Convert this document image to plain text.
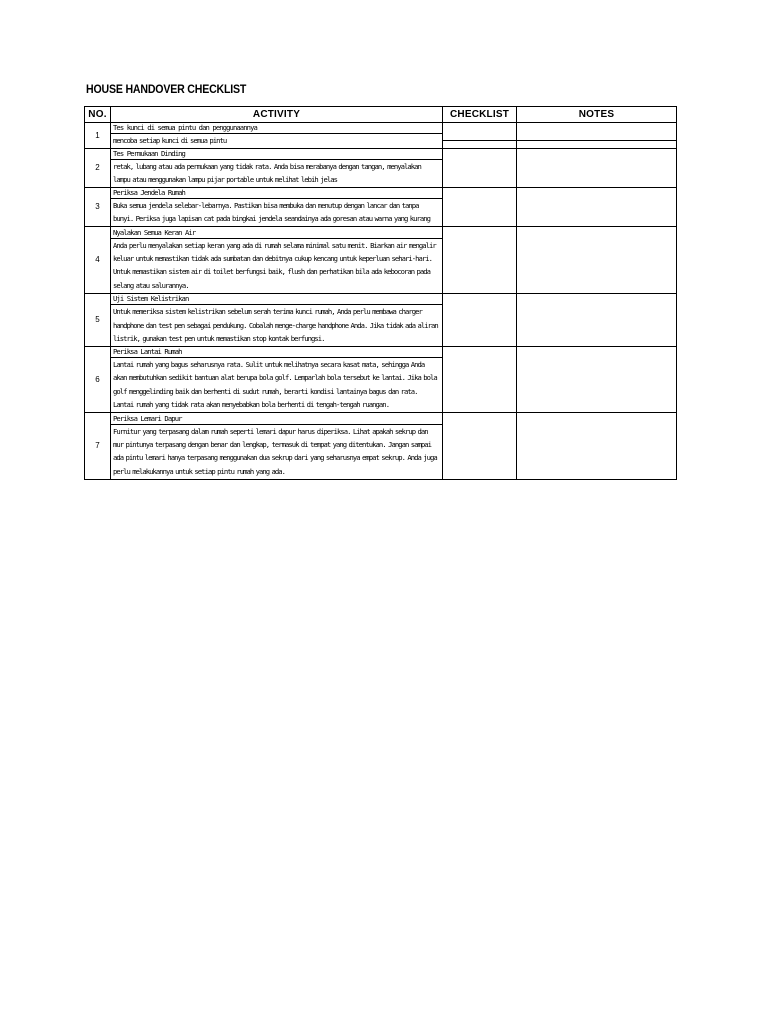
HOUSE HANDOVER CHECKLIST
NO.	ACTIVITY	CHECKLIST	NOTES
1	Tes kunci di semua pintu dan penggunaannya
mencoba setiap kunci di semua pintu		

2	Tes Permukaan Dinding
retak, lubang atau ada permukaan yang tidak rata. Anda bisa merabanya dengan tangan, menyalakan lampu atau menggunakan lampu pijar portable untuk melihat lebih jelas		

3	Periksa Jendela Rumah
Buka semua jendela selebar-lebarnya. Pastikan bisa membuka dan menutup dengan lancar dan tanpa bunyi. Periksa juga lapisan cat pada bingkai jendela seandainya ada goresan atau warna yang kurang		

4	Nyalakan Semua Keran Air
Anda perlu menyalakan setiap keran yang ada di rumah selama minimal satu menit. Biarkan air mengalir keluar untuk memastikan tidak ada sumbatan dan debitnya cukup kencang untuk keperluan sehari-hari. Untuk memastikan sistem air di toilet berfungsi baik, flush dan perhatikan bila ada kebocoran pada selang atau salurannya.		

5	Uji Sistem Kelistrikan
Untuk memeriksa sistem kelistrikan sebelum serah terima kunci rumah, Anda perlu membawa charger handphone dan test pen sebagai pendukung. Cobalah menge-charge handphone Anda. Jika tidak ada aliran listrik, gunakan test pen untuk memastikan stop kontak berfungsi.		

6	Periksa Lantai Rumah
Lantai rumah yang bagus seharusnya rata. Sulit untuk melihatnya secara kasat mata, sehingga Anda akan membutuhkan sedikit bantuan alat berupa bola golf. Lemparlah bola tersebut ke lantai. Jika bola golf menggelinding baik dan berhenti di sudut rumah, berarti kondisi lantainya bagus dan rata. Lantai rumah yang tidak rata akan menyebabkan bola berhenti di tengah-tengah ruangan.		

7	Periksa Lemari Dapur
Furnitur yang terpasang dalam rumah seperti lemari dapur harus diperiksa. Lihat apakah sekrup dan mur pintunya terpasang dengan benar dan lengkap, termasuk di tempat yang ditentukan. Jangan sampai ada pintu lemari hanya terpasang menggunakan dua sekrup dari yang seharusnya empat sekrup. Anda juga perlu melakukannya untuk setiap pintu rumah yang ada.		
